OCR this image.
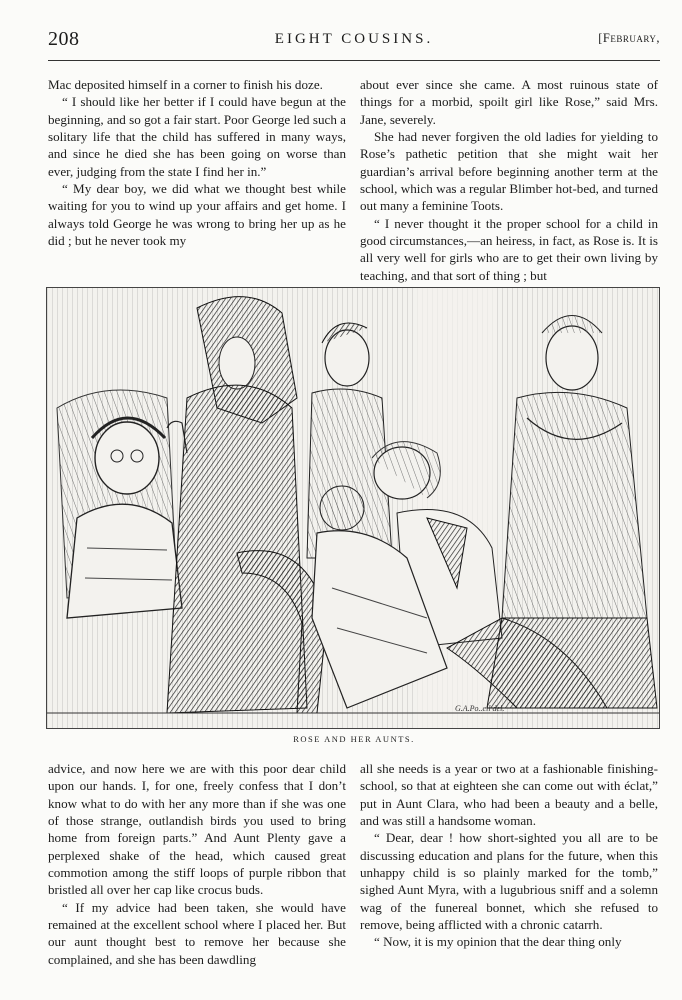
EIGHT COUSINS.
208	[February,

Mac deposited himself in a corner to finish his doze.

“ I should like her better if I could have begun at the beginning, and so got a fair start. Poor George led such a solitary life that the child has suffered in many ways, and since he died she has been going on worse than ever, judging from the state I find her in.”

“ My dear boy, we did what we thought best while waiting for you to wind up your affairs and get home. I always told George he was wrong to bring her up as he did ; but he never took my

about ever since she came. A most ruinous state of things for a morbid, spoilt girl like Rose,” said Mrs. Jane, severely.

She had never forgiven the old ladies for yielding to Rose’s pathetic petition that she might wait her guardian’s arrival before beginning another term at the school, which was a regular Blimber hot-bed, and turned out many a feminine Toots.

“ I never thought it the proper school for a child in good circumstances,—an heiress, in fact, as Rose is. It is all very well for girls who are to get their own living by teaching, and that sort of thing ; but

G.A.Po..ell del.
ROSE AND HER AUNTS.

advice, and now here we are with this poor dear child upon our hands. I, for one, freely confess that I don’t know what to do with her any more than if she was one of those strange, outlandish birds you used to bring home from foreign parts.” And Aunt Plenty gave a perplexed shake of the head, which caused great commotion among the stiff loops of purple ribbon that bristled all over her cap like crocus buds.

“ If my advice had been taken, she would have remained at the excellent school where I placed her. But our aunt thought best to remove her because she complained, and she has been dawdling

all she needs is a year or two at a fashionable finishing-school, so that at eighteen she can come out with éclat,” put in Aunt Clara, who had been a beauty and a belle, and was still a handsome woman.

“ Dear, dear ! how short-sighted you all are to be discussing education and plans for the future, when this unhappy child is so plainly marked for the tomb,” sighed Aunt Myra, with a lugubrious sniff and a solemn wag of the funereal bonnet, which she refused to remove, being afflicted with a chronic catarrh.

“ Now, it is my opinion that the dear thing only
